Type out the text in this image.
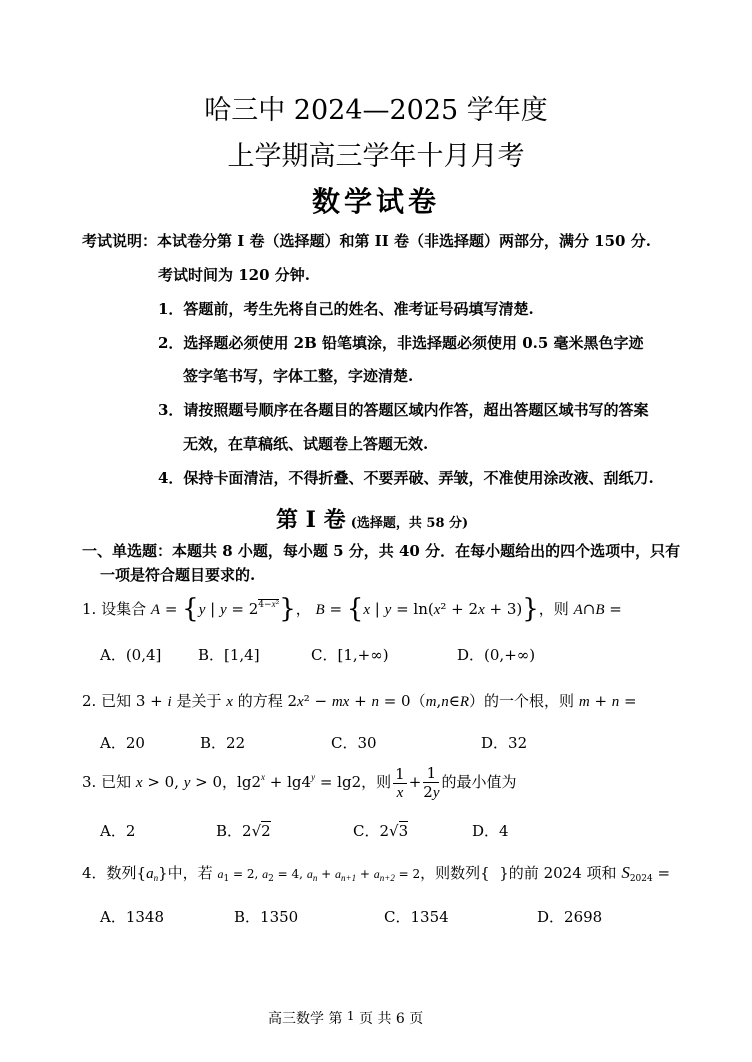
哈三中 2024—2025 学年度
上学期高三学年十月月考
数学试卷
考试说明：本试卷分第 I 卷（选择题）和第 II 卷（非选择题）两部分，满分 150 分.
考试时间为 120 分钟.
1．答题前，考生先将自己的姓名、准考证号码填写清楚.
2．选择题必须使用 2B 铅笔填涂，非选择题必须使用 0.5 毫米黑色字迹
签字笔书写，字体工整，字迹清楚.
3．请按照题号顺序在各题目的答题区域内作答，超出答题区域书写的答案
无效，在草稿纸、试题卷上答题无效.
4．保持卡面清洁，不得折叠、不要弄破、弄皱，不准使用涂改液、刮纸刀.
第 I 卷 (选择题，共 58 分)
一、单选题：本题共 8 小题，每小题 5 分，共 40 分．在每小题给出的四个选项中，只有
一项是符合题目要求的.
1. 设集合 A = {y | $y = 2^{4-x^2}$}， B = {x | y = ln(x² + 2x + 3)}，则 A∩B =
A．(0,4] B．[1,4]	C．[1,+∞)	D．(0,+∞)
2. 已知 3 + i 是关于 x 的方程 2x² − mx + n = 0（m,n∈R）的一个根，则 m + n =
A．20	B．22	C．30	D．32
3. 已知 x > 0, y > 0，$\lg 2^x + \lg 4^y = \lg 2$，则 $\frac{1}{x} + \frac{1}{2y}$ 的最小值为
A．2	B．2√2	C．2√3	D．4
4．数列$\{a_n\}$中，若 $a_1 = 2$, $a_2 = 4$, $a_n + a_{n+1} + a_{n+2} = 2$，则数列{ }的前 2024 项和 $S_{2024}$ =
A．1348	B．1350	C．1354	D．2698
高三数学 第 1 页 共 6 页
